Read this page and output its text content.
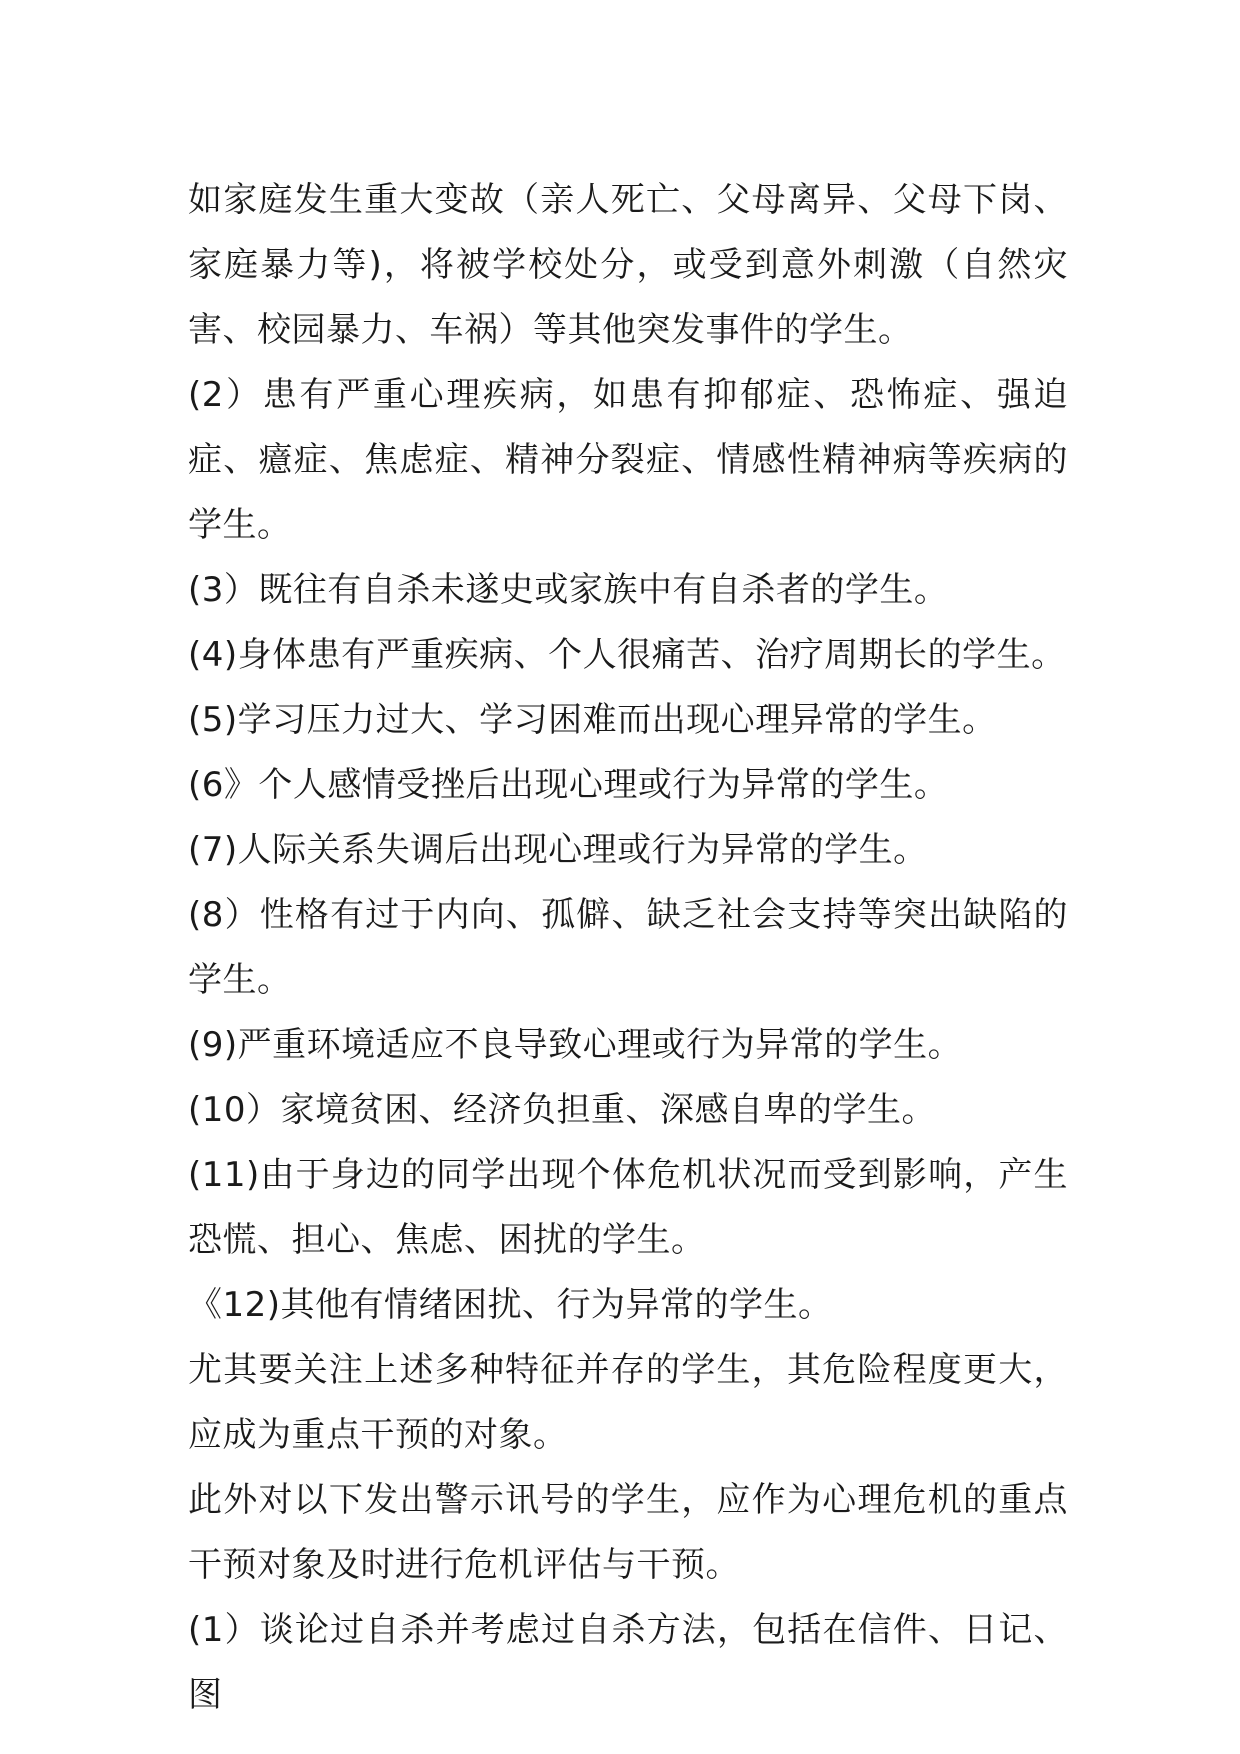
如家庭发生重大变故（亲人死亡、父母离异、父母下岗、家庭暴力等)，将被学校处分，或受到意外刺激（自然灾害、校园暴力、车祸）等其他突发事件的学生。

(2）患有严重心理疾病，如患有抑郁症、恐怖症、强迫症、癔症、焦虑症、精神分裂症、情感性精神病等疾病的学生。

(3）既往有自杀未遂史或家族中有自杀者的学生。

(4)身体患有严重疾病、个人很痛苦、治疗周期长的学生。

(5)学习压力过大、学习困难而出现心理异常的学生。

(6》个人感情受挫后出现心理或行为异常的学生。

(7)人际关系失调后出现心理或行为异常的学生。

(8）性格有过于内向、孤僻、缺乏社会支持等突出缺陷的学生。

(9)严重环境适应不良导致心理或行为异常的学生。

(10）家境贫困、经济负担重、深感自卑的学生。

(11)由于身边的同学出现个体危机状况而受到影响，产生恐慌、担心、焦虑、困扰的学生。

《12)其他有情绪困扰、行为异常的学生。

尤其要关注上述多种特征并存的学生，其危险程度更大，应成为重点干预的对象。

此外对以下发出警示讯号的学生，应作为心理危机的重点干预对象及时进行危机评估与干预。

(1）谈论过自杀并考虑过自杀方法，包括在信件、日记、图
